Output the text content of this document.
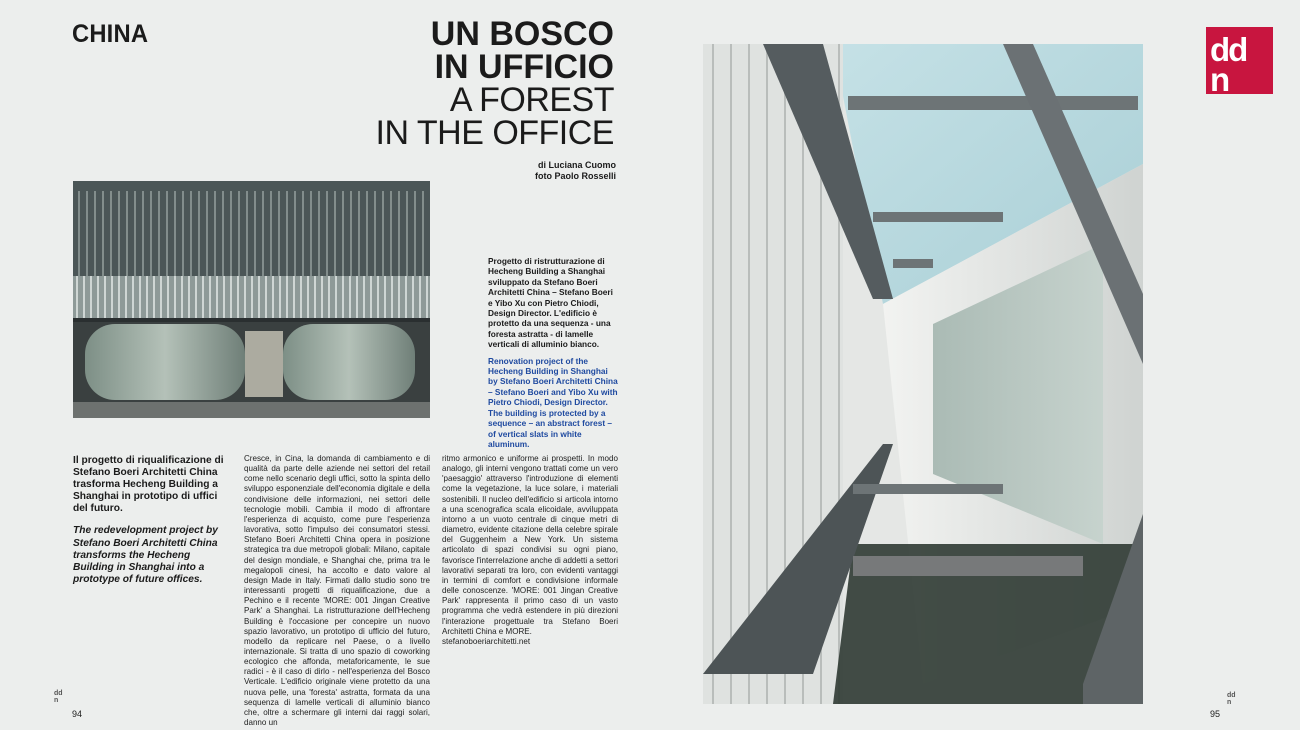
CHINA	UN BOSCO
IN UFFICIO
A FOREST
IN THE OFFICE
di Luciana Cuomo
foto Paolo Rosselli
Progetto di ristrutturazione di Hecheng Building a Shanghai sviluppato da Stefano Boeri Architetti China – Stefano Boeri e Yibo Xu con Pietro Chiodi, Design Director. L'edificio è protetto da una sequenza - una foresta astratta - di lamelle verticali di alluminio bianco.
Renovation project of the Hecheng Building in Shanghai by Stefano Boeri Architetti China – Stefano Boeri and Yibo Xu with Pietro Chiodi, Design Director. The building is protected by a sequence – an abstract forest – of vertical slats in white aluminum.
Il progetto di riqualificazione di Stefano Boeri Architetti China trasforma Hecheng Building a Shanghai in prototipo di uffici del futuro.
The redevelopment project by Stefano Boeri Architetti China transforms the Hecheng Building in Shanghai into a prototype of future offices.
Cresce, in Cina, la domanda di cambiamento e di qualità da parte delle aziende nei settori del retail come nello scenario degli uffici, sotto la spinta dello sviluppo esponenziale dell'economia digitale e della condivisione delle informazioni, nei settori delle tecnologie mobili. Cambia il modo di affrontare l'esperienza di acquisto, come pure l'esperienza lavorativa, sotto l'impulso dei consumatori stessi. Stefano Boeri Architetti China opera in posizione strategica tra due metropoli globali: Milano, capitale del design mondiale, e Shanghai che, prima tra le megalopoli cinesi, ha accolto e dato valore al design Made in Italy. Firmati dallo studio sono tre interessanti progetti di riqualificazione, due a Pechino e il recente 'MORE: 001 Jingan Creative Park' a Shanghai. La ristrutturazione dell'Hecheng Building è l'occasione per concepire un nuovo spazio lavorativo, un prototipo di ufficio del futuro, modello da replicare nel Paese, o a livello internazionale. Si tratta di uno spazio di coworking ecologico che affonda, metaforicamente, le sue radici - è il caso di dirlo - nell'esperienza del Bosco Verticale. L'edificio originale viene protetto da una nuova pelle, una 'foresta' astratta, formata da una sequenza di lamelle verticali di alluminio bianco che, oltre a schermare gli interni dai raggi solari, danno un
ritmo armonico e uniforme ai prospetti. In modo analogo, gli interni vengono trattati come un vero 'paesaggio' attraverso l'introduzione di elementi come la vegetazione, la luce solare, i materiali sostenibili. Il nucleo dell'edificio si articola intorno a una scenografica scala elicoidale, avviluppata intorno a un vuoto centrale di cinque metri di diametro, evidente citazione della celebre spirale del Guggenheim a New York. Un sistema articolato di spazi condivisi su ogni piano, favorisce l'interrelazione anche di addetti a settori lavorativi separati tra loro, con evidenti vantaggi in termini di comfort e condivisione informale delle conoscenze. 'MORE: 001 Jingan Creative Park' rappresenta il primo caso di un vasto programma che vedrà estendere in più direzioni l'interazione progettuale tra Stefano Boeri Architetti China e MORE.
stefanoboeriarchitetti.net
dd
n
94
dd
n
dd
n
95
